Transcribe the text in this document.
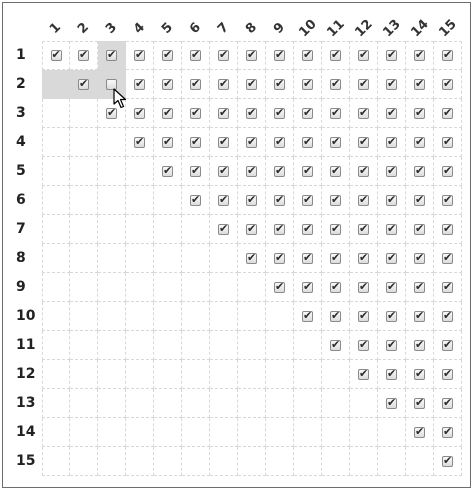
1 2 3 4 5 6 7 8 9 10 11 12 13 14 15
1
✔
✔
✔
✔
✔
✔
✔
✔
✔
✔
✔
✔
✔
✔
✔
2
✔
✔
✔
✔
✔
✔
✔
✔
✔
✔
✔
✔
✔
3
✔
✔
✔
✔
✔
✔
✔
✔
✔
✔
✔
✔
✔
4
✔
✔
✔
✔
✔
✔
✔
✔
✔
✔
✔
✔
5
✔
✔
✔
✔
✔
✔
✔
✔
✔
✔
✔
6
✔
✔
✔
✔
✔
✔
✔
✔
✔
✔
7
✔
✔
✔
✔
✔
✔
✔
✔
✔
8
✔
✔
✔
✔
✔
✔
✔
✔
9
✔
✔
✔
✔
✔
✔
✔
10
✔
✔
✔
✔
✔
✔
11
✔
✔
✔
✔
✔
12
✔
✔
✔
✔
13
✔
✔
✔
14
✔
✔
15
✔
